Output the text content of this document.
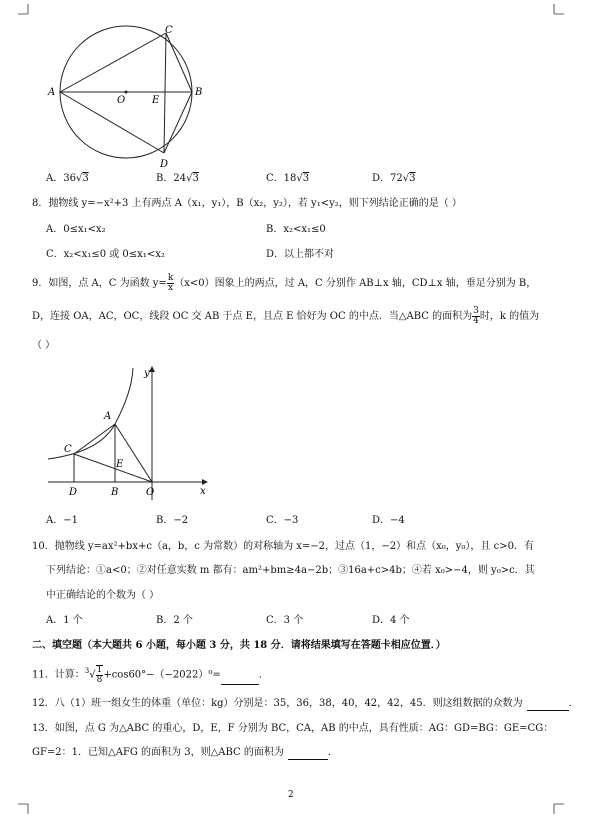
A	B
C
D
E
O
A．36√3	B．24√3	C．18√3	D．72√3
8．抛物线 y=−x²+3 上有两点 A（x₁，y₁），B（x₂，y₂），若 y₁<y₂，则下列结论正确的是（ ）
A．0≤x₁<x₂	B．x₂<x₁≤0
C．x₂<x₁≤0 或 0≤x₁<x₂	D．以上都不对
9．如图，点 A，C 为函数 $y= \frac{k}{x} (x<0)$图象上的两点，过 A，C 分别作 AB⊥x 轴，CD⊥x 轴，垂足分别为 B，
D，连接 OA，AC，OC，线段 OC 交 AB 于点 E，且点 E 恰好为 OC 的中点．当△ABC 的面积为 $\frac{3}{4}$ 时，k 的值为
（ ）
y
x
A
C
E
D	B	O
A．−1	B．−2	C．−3	D．−4
10．抛物线 y=ax²+bx+c（a，b，c 为常数）的对称轴为 x=−2，过点（1，−2）和点（x₀，y₀），且 c>0．有
下列结论：①a<0；②对任意实数 m 都有：am²+bm≥4a−2b；③16a+c>4b；④若 x₀>−4，则 y₀>c．其
中正确结论的个数为（ ）
A．1 个	B．2 个	C．3 个	D．4 个
二、填空题（本大题共 6 小题，每小题 3 分，共 18 分．请将结果填写在答题卡相应位置．）
11．计算：$^3√ \frac{1}{8} +\cos 60^\circ-(-2022)^0=$	．
12．八（1）班一组女生的体重（单位：kg）分别是：35，36，38，40，42，42，45．则这组数据的众数为	．
13．如图，点 G 为△ABC 的重心，D，E，F 分别为 BC，CA，AB 的中点，具有性质：AG：GD=BG：GE=CG：
GF=2：1．已知△AFG 的面积为 3，则△ABC 的面积为	．
2
